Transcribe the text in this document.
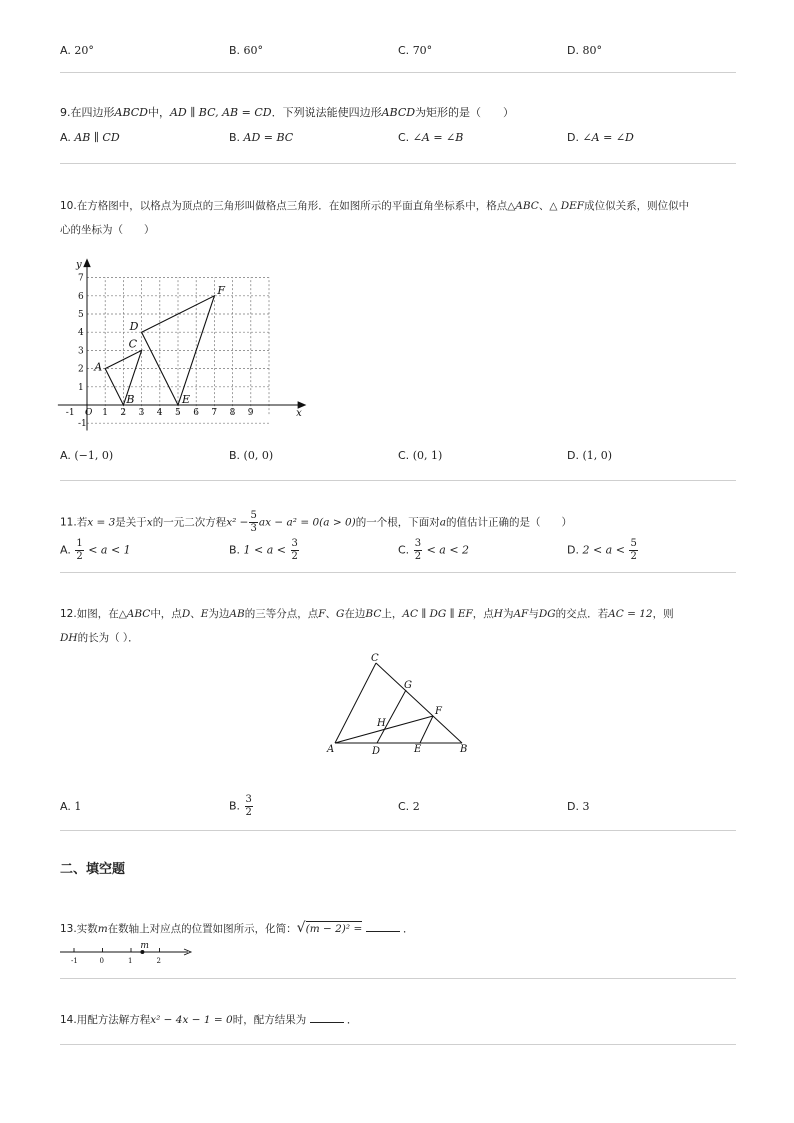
A. 20°	B. 60°	C. 70°	D. 80°
9.在四边形ABCD中，AD ∥ BC, AB = CD．下列说法能使四边形ABCD为矩形的是（　　）
A. AB ∥ CD	B. AD = BC	C. ∠A = ∠B	D. ∠A = ∠D
10.在方格图中，以格点为顶点的三角形叫做格点三角形．在如图所示的平面直角坐标系中，格点△ABC、△ DEF成位似关系，则位似中
心的坐标为（　　）
-1	1 2 3 4 5 6 7 8 9
-1
1
2
3
4
5
6
7
O	x
y
A
B
C
D
E
F
A. (−1, 0)	B. (0, 0)	C. (0, 1)	D. (1, 0)
11.若x = 3是关于x的一元二次方程$x^2 - \frac{5}{3}$ ax − a² = 0(a > 0)的一个根，下面对a的值估计正确的是（　　）
A. $\frac{1}{2} < a < 1$	B. $1 < a < \frac{3}{2}$	C. $\frac{3}{2} < a < 2$	D. $2 < a < \frac{5}{2}$
12.如图，在△ABC中，点D、E为边AB的三等分点，点F、G在边BC上，AC ∥ DG ∥ EF，点H为AF与DG的交点．若AC = 12，则
DH的长为（ ）．
C
G
F
H
A	D	E	B
A. 1	B. $\frac{3}{2}$	C. 2	D. 3
二、填空题
13.实数m在数轴上对应点的位置如图所示，化简：√(m − 2)² =	．
-1	0	1	2
m
14.用配方法解方程x² − 4x − 1 = 0时，配方结果为	．
